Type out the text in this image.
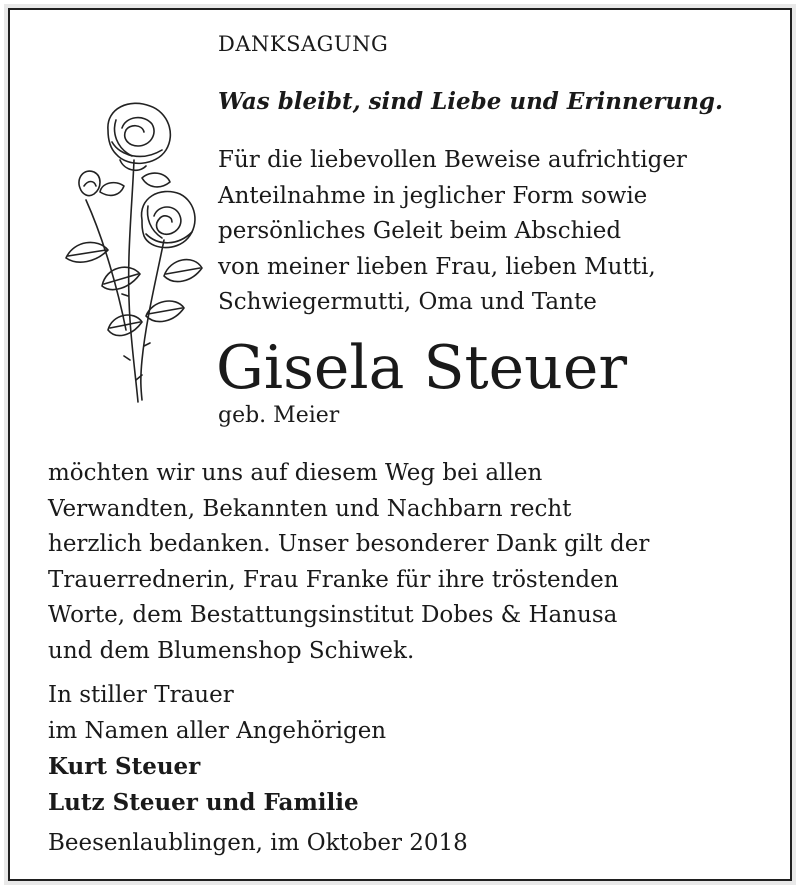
DANKSAGUNG

Was bleibt, sind Liebe und Erinnerung.

Für die liebevollen Beweise aufrichtiger
Anteilnahme in jeglicher Form sowie
persönliches Geleit beim Abschied
von meiner lieben Frau, lieben Mutti,
Schwiegermutti, Oma und Tante

Gisela Steuer

geb. Meier

möchten wir uns auf diesem Weg bei allen
Verwandten, Bekannten und Nachbarn recht
herzlich bedanken. Unser besonderer Dank gilt der
Trauerrednerin, Frau Franke für ihre tröstenden
Worte, dem Bestattungsinstitut Dobes & Hanusa
und dem Blumenshop Schiwek.
In stiller Trauer
im Namen aller Angehörigen
Kurt Steuer
Lutz Steuer und Familie

Beesenlaublingen, im Oktober 2018
